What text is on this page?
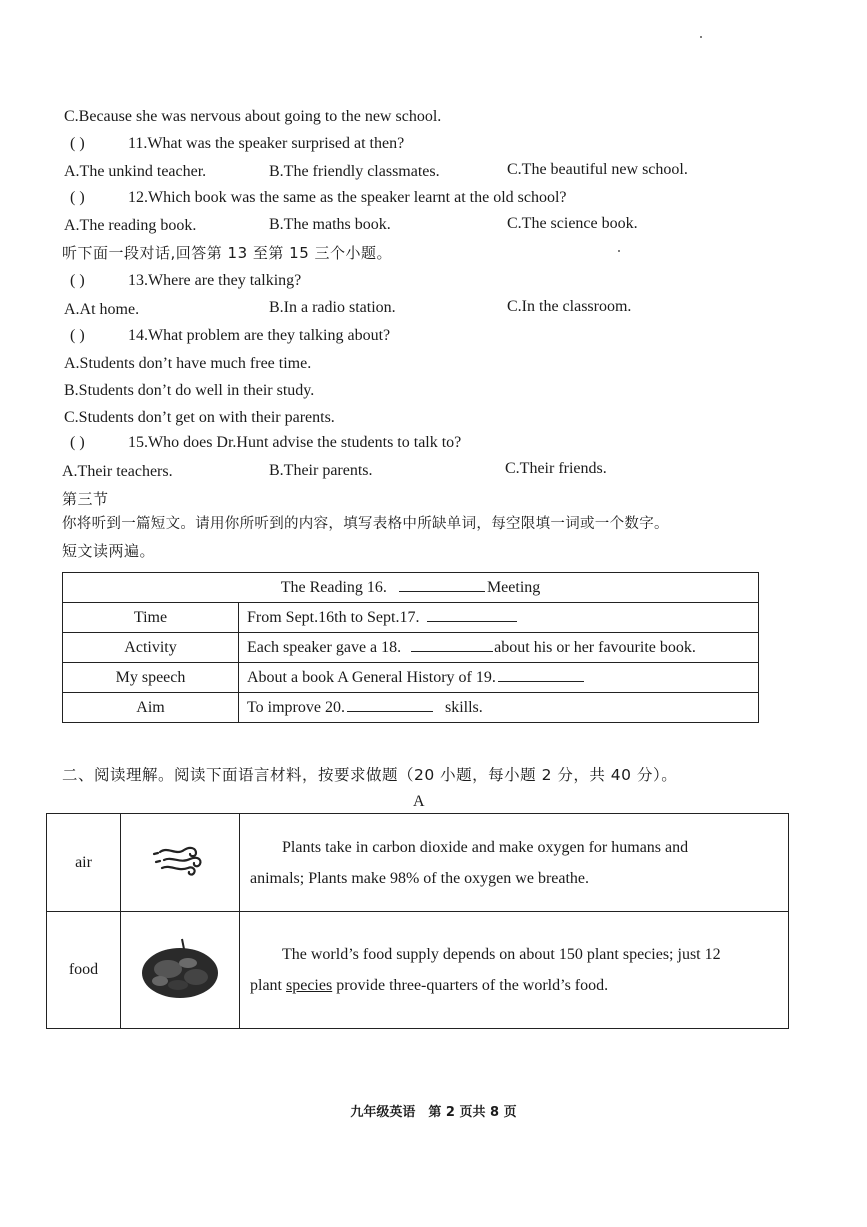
C.Because she was nervous about going to the new school.
( )	11.What was the speaker surprised at then?
A.The unkind teacher.	B.The friendly classmates.	C.The beautiful new school.
( )	12.Which book was the same as the speaker learnt at the old school?
A.The reading book.	B.The maths book.	C.The science book.
听下面一段对话,回答第 13 至第 15 三个小题。
( )	13.Where are they talking?
A.At home.	B.In a radio station.	C.In the classroom.
( )	14.What problem are they talking about?
A.Students don’t have much free time.
B.Students don’t do well in their study.
C.Students don’t get on with their parents.
( )	15.Who does Dr.Hunt advise the students to talk to?
A.Their teachers.	B.Their parents.	C.Their friends.
第三节
你将听到一篇短文。请用你所听到的内容，填写表格中所缺单词，每空限填一词或一个数字。
短文读两遍。
The Reading 16. Meeting	
Time	From Sept.16th to Sept.17.
Activity	Each speaker gave a 18. about his or her favourite book.
My speech	About a book A General History of 19.
Aim	To improve 20. skills.
二、阅读理解。阅读下面语言材料，按要求做题（20 小题，每小题 2 分，共 40 分）。
A
air		Plants take in carbon dioxide and make oxygen for humans and
animals; Plants make 98% of the oxygen we breathe.

food		The world’s food supply depends on about 150 plant species; just 12
plant species provide three-quarters of the world’s food.
九年级英语　第 2 页共 8 页
